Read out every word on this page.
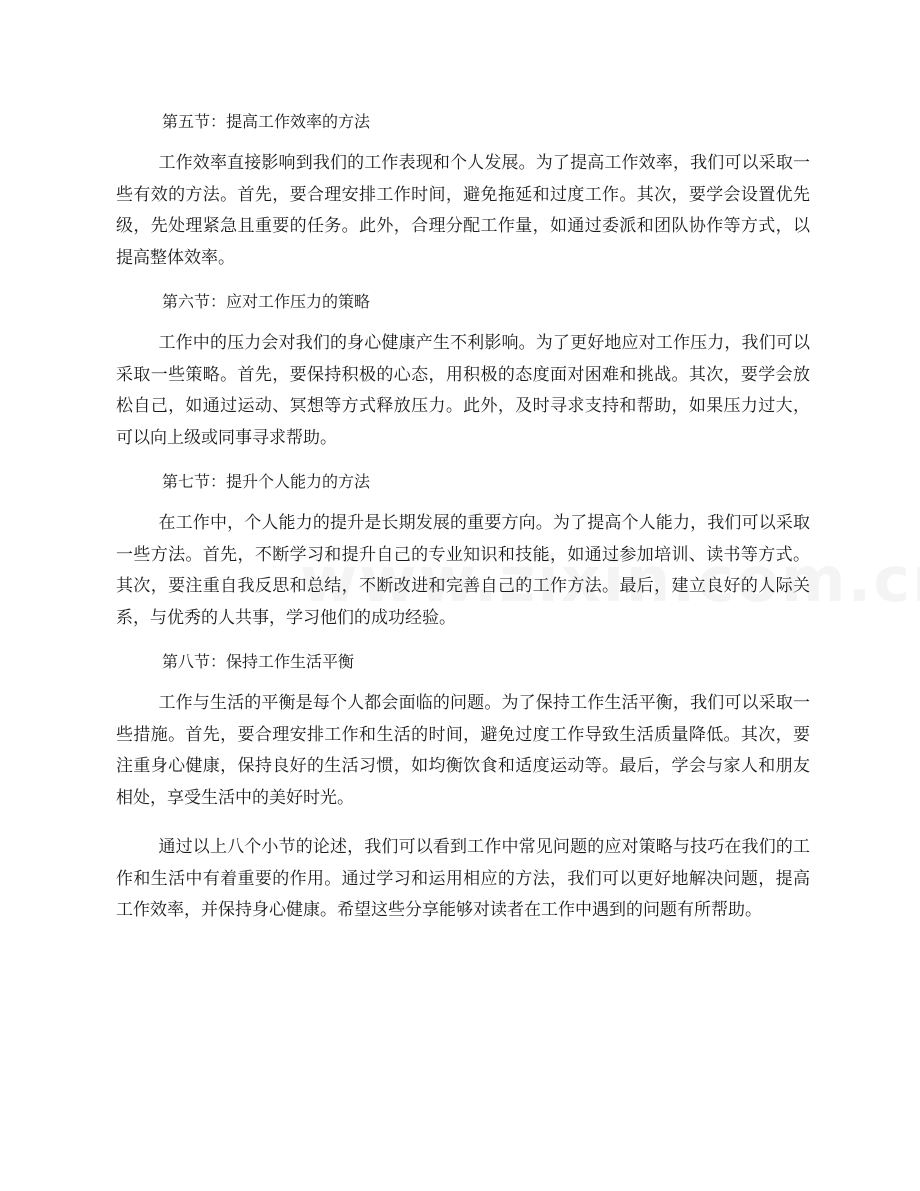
第五节：提高工作效率的方法

工作效率直接影响到我们的工作表现和个人发展。为了提高工作效率，我们可以采取一些有效的方法。首先，要合理安排工作时间，避免拖延和过度工作。其次，要学会设置优先级，先处理紧急且重要的任务。此外，合理分配工作量，如通过委派和团队协作等方式，以提高整体效率。

第六节：应对工作压力的策略

工作中的压力会对我们的身心健康产生不利影响。为了更好地应对工作压力，我们可以采取一些策略。首先，要保持积极的心态，用积极的态度面对困难和挑战。其次，要学会放松自己，如通过运动、冥想等方式释放压力。此外，及时寻求支持和帮助，如果压力过大，可以向上级或同事寻求帮助。

第七节：提升个人能力的方法

在工作中，个人能力的提升是长期发展的重要方向。为了提高个人能力，我们可以采取一些方法。首先，不断学习和提升自己的专业知识和技能，如通过参加培训、读书等方式。其次，要注重自我反思和总结，不断改进和完善自己的工作方法。最后，建立良好的人际关系，与优秀的人共事，学习他们的成功经验。

第八节：保持工作生活平衡

工作与生活的平衡是每个人都会面临的问题。为了保持工作生活平衡，我们可以采取一些措施。首先，要合理安排工作和生活的时间，避免过度工作导致生活质量降低。其次，要注重身心健康，保持良好的生活习惯，如均衡饮食和适度运动等。最后，学会与家人和朋友相处，享受生活中的美好时光。

通过以上八个小节的论述，我们可以看到工作中常见问题的应对策略与技巧在我们的工作和生活中有着重要的作用。通过学习和运用相应的方法，我们可以更好地解决问题，提高工作效率，并保持身心健康。希望这些分享能够对读者在工作中遇到的问题有所帮助。
